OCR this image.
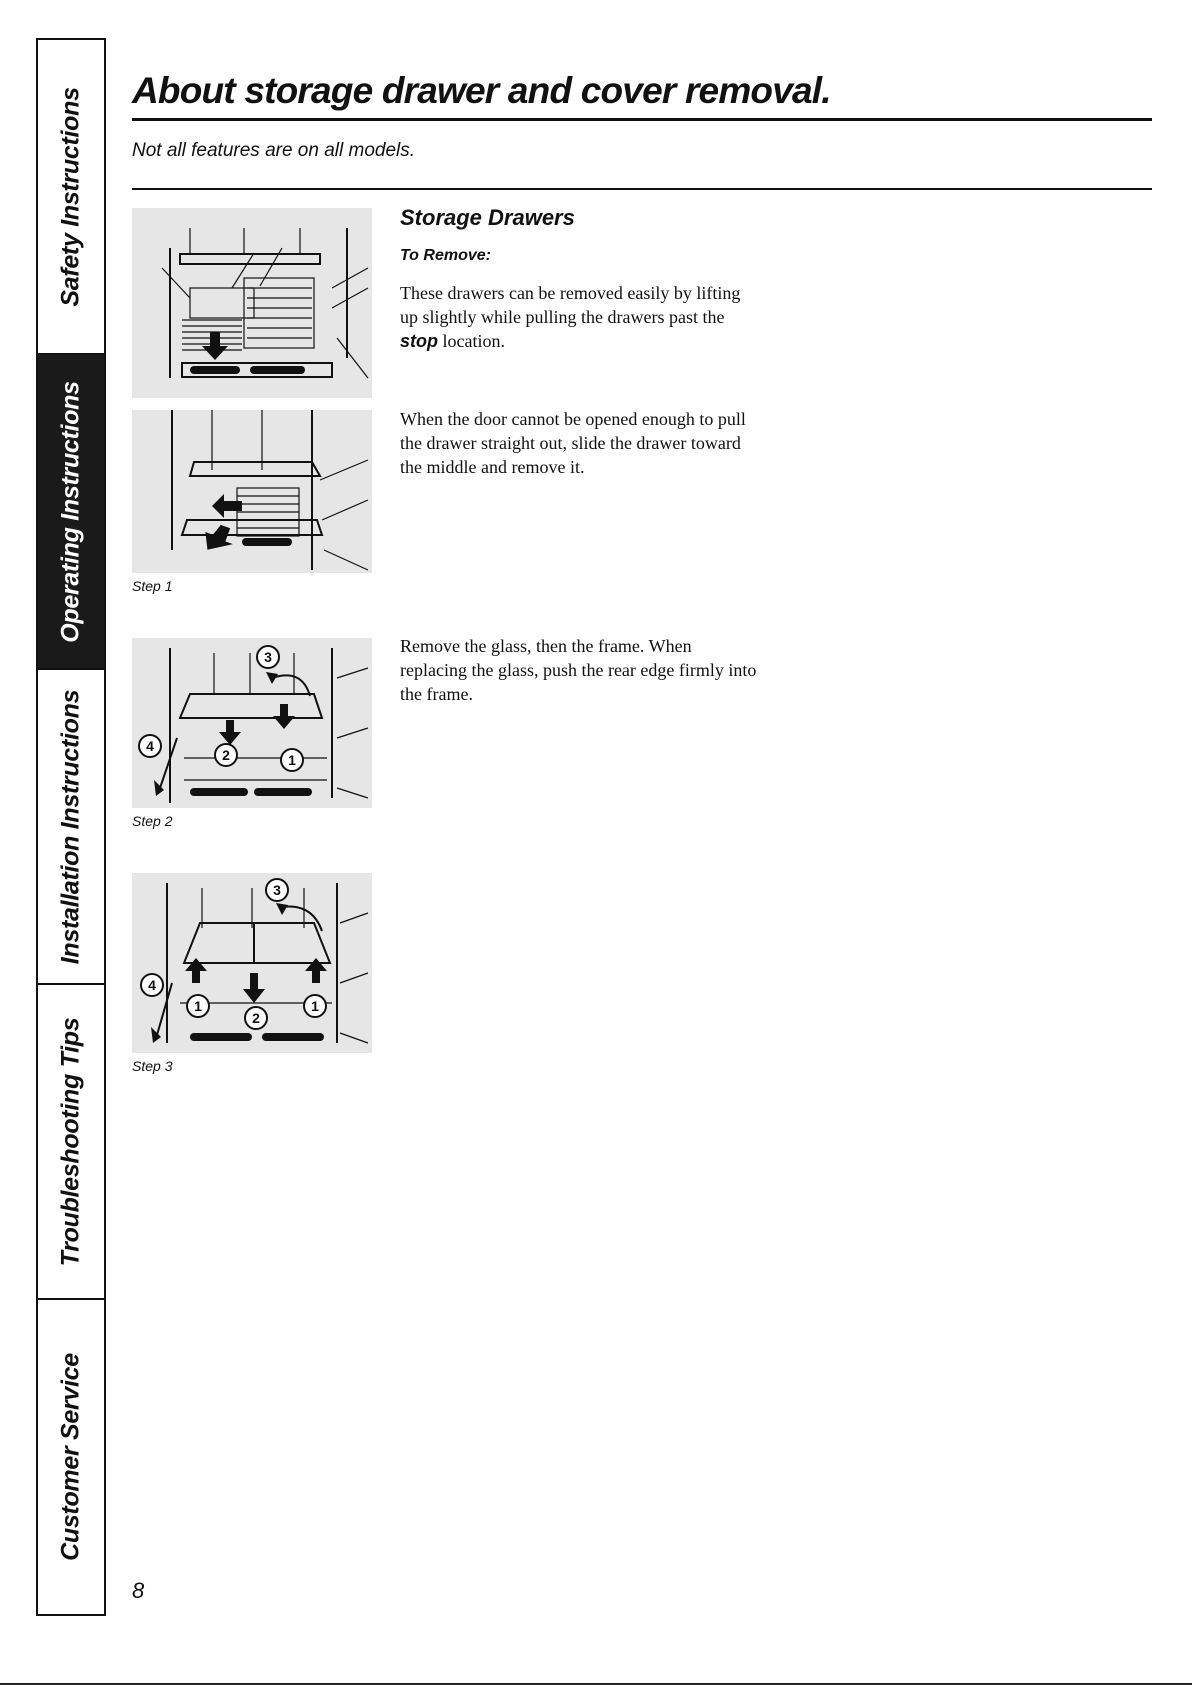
Safety Instructions
Operating Instructions
Installation Instructions
Troubleshooting Tips
Customer Service
About storage drawer and cover removal.
Not all features are on all models.
Step 1
3
4
2	1
Step 2
3
4
1
2
1
Step 3
Storage Drawers
To Remove:

These drawers can be removed easily by lifting up slightly while pulling the drawers past the stop location.

When the door cannot be opened enough to pull the drawer straight out, slide the drawer toward the middle and remove it.

Remove the glass, then the frame. When replacing the glass, push the rear edge firmly into the frame.

8
